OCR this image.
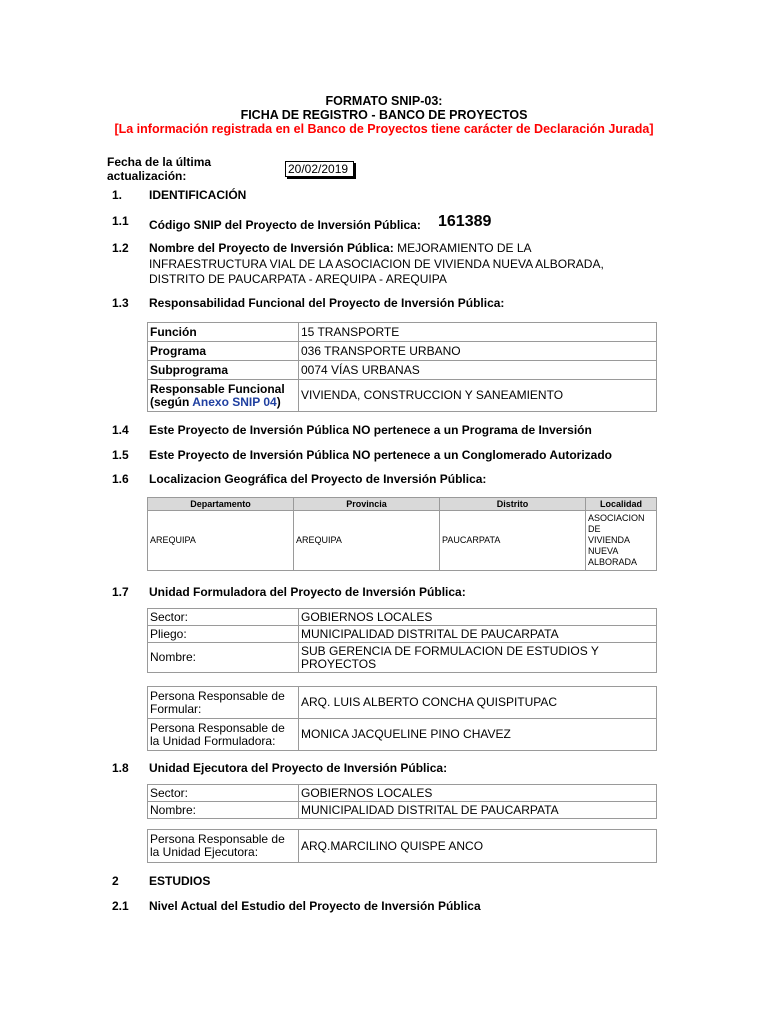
FORMATO SNIP-03:
FICHA DE REGISTRO - BANCO DE PROYECTOS
[La información registrada en el Banco de Proyectos tiene carácter de Declaración Jurada]
Fecha de la última
actualización:	20/02/2019
1. IDENTIFICACIÓN
1.1 Código SNIP del Proyecto de Inversión Pública: 161389
1.2 Nombre del Proyecto de Inversión Pública: MEJORAMIENTO DE LA
INFRAESTRUCTURA VIAL DE LA ASOCIACION DE VIVIENDA NUEVA ALBORADA,
DISTRITO DE PAUCARPATA - AREQUIPA - AREQUIPA
1.3 Responsabilidad Funcional del Proyecto de Inversión Pública:
Función	15 TRANSPORTE
Programa	036 TRANSPORTE URBANO
Subprograma	0074 VÍAS URBANAS
Responsable Funcional
(según Anexo SNIP 04)	VIVIENDA, CONSTRUCCION Y SANEAMIENTO
1.4 Este Proyecto de Inversión Pública NO pertenece a un Programa de Inversión
1.5 Este Proyecto de Inversión Pública NO pertenece a un Conglomerado Autorizado
1.6 Localizacion Geográfica del Proyecto de Inversión Pública:
Departamento	Provincia	Distrito	Localidad
AREQUIPA	AREQUIPA	PAUCARPATA	ASOCIACION
DE
VIVIENDA
NUEVA
ALBORADA
1.7 Unidad Formuladora del Proyecto de Inversión Pública:
Sector:	GOBIERNOS LOCALES
Pliego:	MUNICIPALIDAD DISTRITAL DE PAUCARPATA
Nombre:	SUB GERENCIA DE FORMULACION DE ESTUDIOS Y
PROYECTOS
Persona Responsable de
Formular:	ARQ. LUIS ALBERTO CONCHA QUISPITUPAC
Persona Responsable de
la Unidad Formuladora:	MONICA JACQUELINE PINO CHAVEZ
1.8 Unidad Ejecutora del Proyecto de Inversión Pública:
Sector:	GOBIERNOS LOCALES
Nombre:	MUNICIPALIDAD DISTRITAL DE PAUCARPATA
Persona Responsable de
la Unidad Ejecutora:	ARQ.MARCILINO QUISPE ANCO
2	ESTUDIOS
2.1 Nivel Actual del Estudio del Proyecto de Inversión Pública
